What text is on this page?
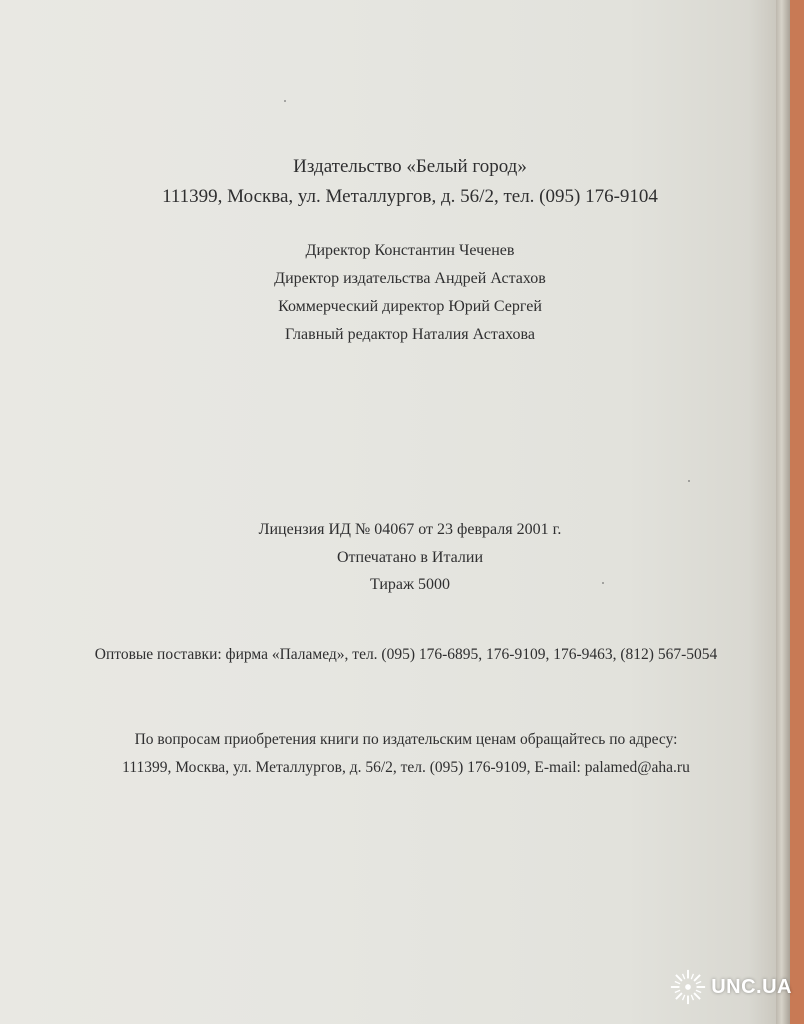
Издательство «Белый город»
111399, Москва, ул. Металлургов, д. 56/2, тел. (095) 176-9104
Директор Константин Чеченев
Директор издательства Андрей Астахов
Коммерческий директор Юрий Сергей
Главный редактор Наталия Астахова
Лицензия ИД № 04067 от 23 февраля 2001 г.
Отпечатано в Италии
Тираж 5000
Оптовые поставки: фирма «Паламед», тел. (095) 176-6895, 176-9109, 176-9463, (812) 567-5054
По вопросам приобретения книги по издательским ценам обращайтесь по адресу:
111399, Москва, ул. Металлургов, д. 56/2, тел. (095) 176-9109, E-mail: palamed@aha.ru
UNC.UA
